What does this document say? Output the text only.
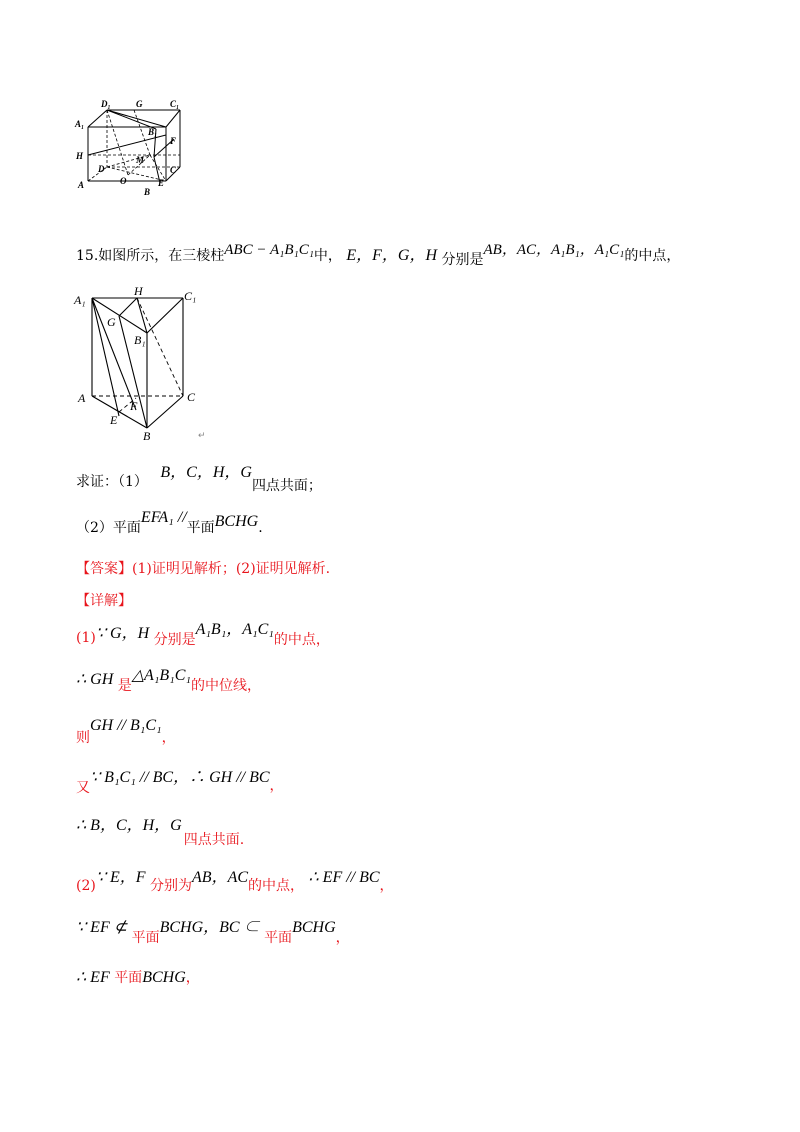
D₁	G	C₁
A₁
B₁
F
H	M
D	C
O	E
A
B
15.如图所示，在三棱柱$^{ABC - A_1B_1C_1}$中， E，F，G，H 分别是$^{AB,AC,A_1B_1,A_1C_1}$的中点，
A₁
H	C₁
G
B₁
A
F
C
E
B	↵
求证：（1） B，C，H，G四点共面；
（2）平面EFA₁ //平面BCHG.
【答案】(1)证明见解析；(2)证明见解析.
【详解】
(1)∵ G，H 分别是A₁B₁，A₁C₁的中点，
∴ GH 是△A₁B₁C₁的中位线，
则GH // B₁C₁，
又∵ B₁C₁ // BC，∴ GH // BC，
∴ B，C，H，G四点共面.
(2)∵ E，F 分别为AB，AC的中点， ∴ EF // BC，
∵ EF ⊄ 平面BCHG，BC ⊂ 平面BCHG，
∴ EF 平面BCHG，
